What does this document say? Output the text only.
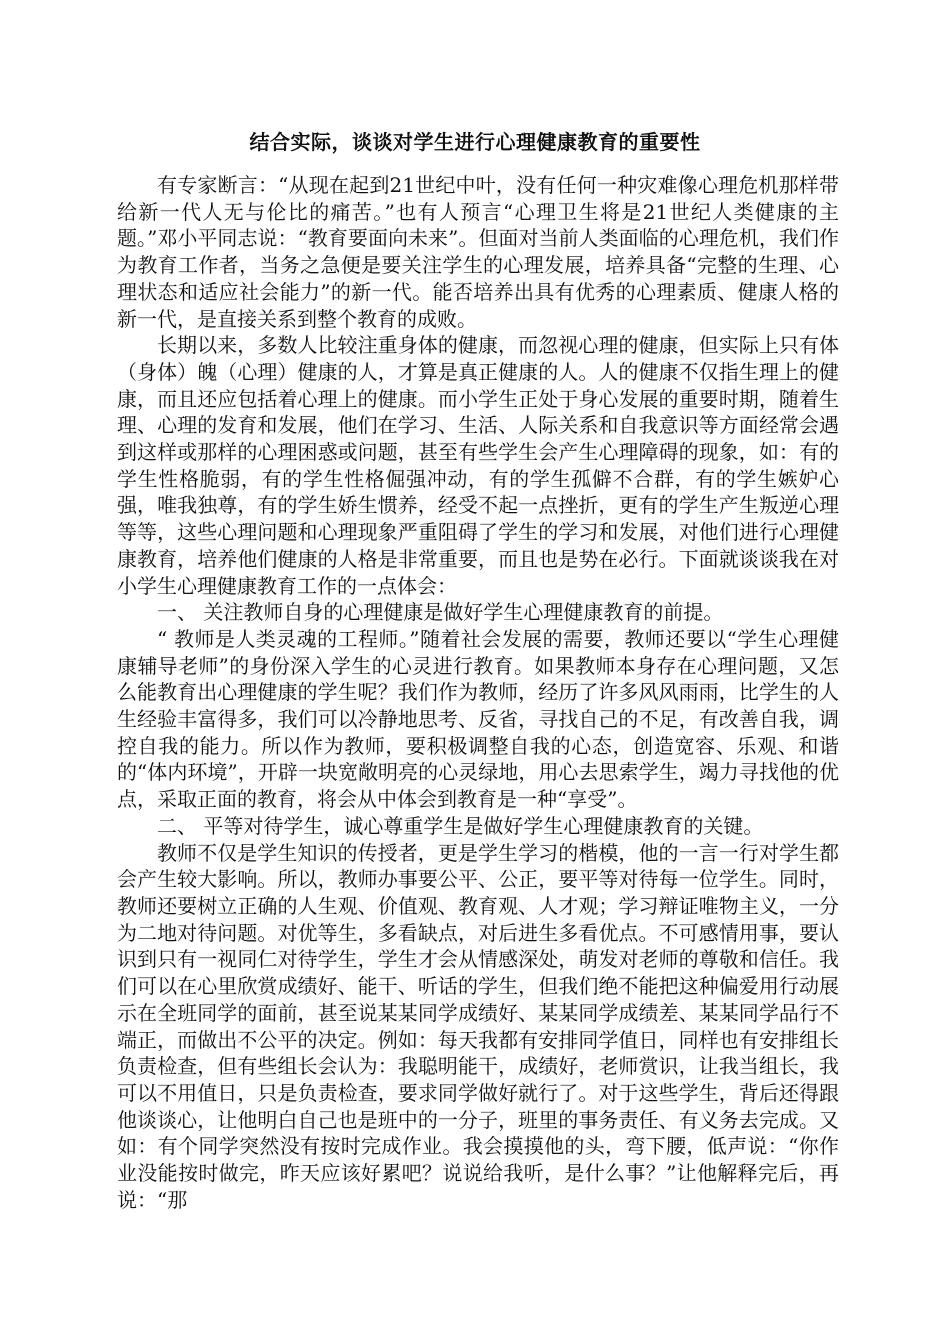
结合实际，谈谈对学生进行心理健康教育的重要性

有专家断言：“从现在起到21世纪中叶，没有任何一种灾难像心理危机那样带给新一代人无与伦比的痛苦。”也有人预言“心理卫生将是21世纪人类健康的主题。”邓小平同志说：“教育要面向未来”。但面对当前人类面临的心理危机，我们作为教育工作者，当务之急便是要关注学生的心理发展，培养具备“完整的生理、心理状态和适应社会能力”的新一代。能否培养出具有优秀的心理素质、健康人格的新一代，是直接关系到整个教育的成败。

长期以来，多数人比较注重身体的健康，而忽视心理的健康，但实际上只有体（身体）魄（心理）健康的人，才算是真正健康的人。人的健康不仅指生理上的健康，而且还应包括着心理上的健康。而小学生正处于身心发展的重要时期，随着生理、心理的发育和发展，他们在学习、生活、人际关系和自我意识等方面经常会遇到这样或那样的心理困惑或问题，甚至有些学生会产生心理障碍的现象，如：有的学生性格脆弱，有的学生性格倔强冲动，有的学生孤僻不合群，有的学生嫉妒心强，唯我独尊，有的学生娇生惯养，经受不起一点挫折，更有的学生产生叛逆心理等等，这些心理问题和心理现象严重阻碍了学生的学习和发展，对他们进行心理健康教育，培养他们健康的人格是非常重要，而且也是势在必行。下面就谈谈我在对小学生心理健康教育工作的一点体会：

一、 关注教师自身的心理健康是做好学生心理健康教育的前提。

“ 教师是人类灵魂的工程师。”随着社会发展的需要，教师还要以“学生心理健康辅导老师”的身份深入学生的心灵进行教育。如果教师本身存在心理问题，又怎么能教育出心理健康的学生呢？我们作为教师，经历了许多风风雨雨，比学生的人生经验丰富得多，我们可以冷静地思考、反省，寻找自己的不足，有改善自我，调控自我的能力。所以作为教师，要积极调整自我的心态，创造宽容、乐观、和谐的“体内环境”，开辟一块宽敞明亮的心灵绿地，用心去思索学生，竭力寻找他的优点，采取正面的教育，将会从中体会到教育是一种“享受”。

二、 平等对待学生，诚心尊重学生是做好学生心理健康教育的关键。

教师不仅是学生知识的传授者，更是学生学习的楷模，他的一言一行对学生都会产生较大影响。所以，教师办事要公平、公正，要平等对待每一位学生。同时，教师还要树立正确的人生观、价值观、教育观、人才观；学习辩证唯物主义，一分为二地对待问题。对优等生，多看缺点，对后进生多看优点。不可感情用事，要认识到只有一视同仁对待学生，学生才会从情感深处，萌发对老师的尊敬和信任。我们可以在心里欣赏成绩好、能干、听话的学生，但我们绝不能把这种偏爱用行动展示在全班同学的面前，甚至说某某同学成绩好、某某同学成绩差、某某同学品行不端正，而做出不公平的决定。例如：每天我都有安排同学值日，同样也有安排组长负责检查，但有些组长会认为：我聪明能干，成绩好，老师赏识，让我当组长，我可以不用值日，只是负责检查，要求同学做好就行了。对于这些学生，背后还得跟他谈谈心，让他明白自己也是班中的一分子，班里的事务责任、有义务去完成。又如：有个同学突然没有按时完成作业。我会摸摸他的头，弯下腰，低声说：“你作业没能按时做完，昨天应该好累吧？说说给我听，是什么事？”让他解释完后，再说：“那
